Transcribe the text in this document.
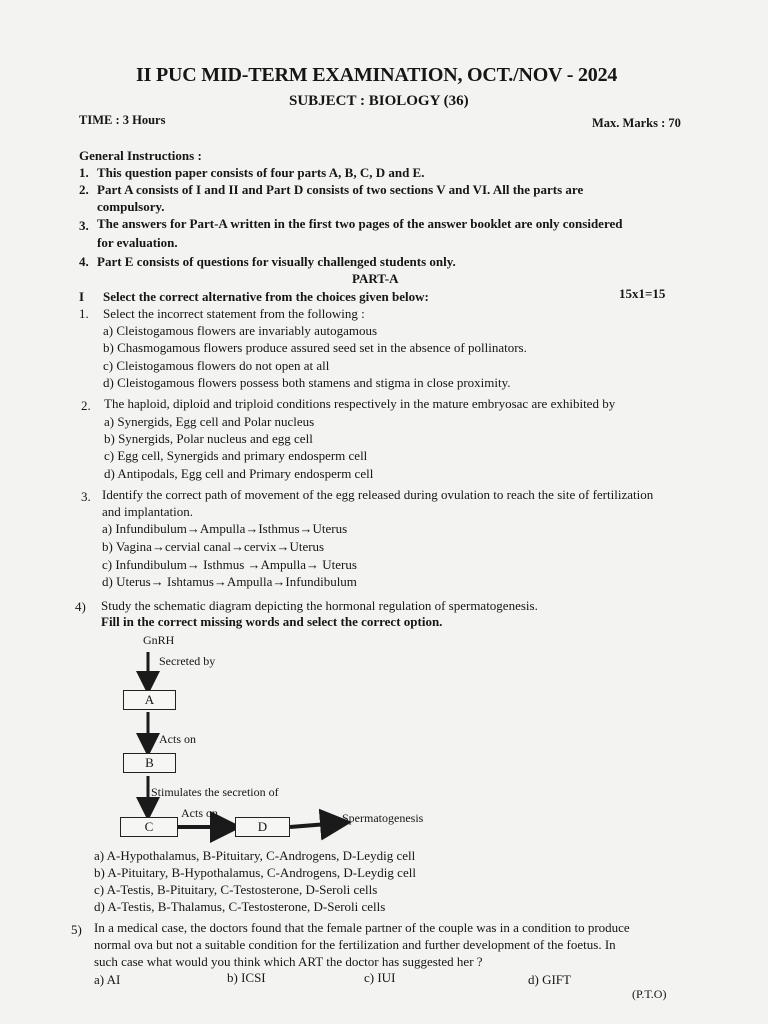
II PUC MID-TERM EXAMINATION, OCT./NOV - 2024
SUBJECT : BIOLOGY (36)
TIME : 3 Hours	Max. Marks : 70
General Instructions :
1. This question paper consists of four parts A, B, C, D and E.
2. Part A consists of I and II and Part D consists of two sections V and VI. All the parts are
compulsory.
3. The answers for Part-A written in the first two pages of the answer booklet are only considered
for evaluation.
4. Part E consists of questions for visually challenged students only.
PART-A
I Select the correct alternative from the choices given below:	15x1=15
1. Select the incorrect statement from the following :
a) Cleistogamous flowers are invariably autogamous
b) Chasmogamous flowers produce assured seed set in the absence of pollinators.
c) Cleistogamous flowers do not open at all
d) Cleistogamous flowers possess both stamens and stigma in close proximity.
2. The haploid, diploid and triploid conditions respectively in the mature embryosac are exhibited by
a) Synergids, Egg cell and Polar nucleus
b) Synergids, Polar nucleus and egg cell
c) Egg cell, Synergids and primary endosperm cell
d) Antipodals, Egg cell and Primary endosperm cell
3. Identify the correct path of movement of the egg released during ovulation to reach the site of fertilization
and implantation.
a) Infundibulum→Ampulla→Isthmus→Uterus
b) Vagina→cervial canal→cervix→Uterus
c) Infundibulum→ Isthmus →Ampulla→ Uterus
d) Uterus→ Ishtamus→Ampulla→Infundibulum
4) Study the schematic diagram depicting the hormonal regulation of spermatogenesis.
Fill in the correct missing words and select the correct option.
GnRH
Secreted by
A
Acts on
B
Stimulates the secretion of
Acts on
C	D
Spermatogenesis
a) A-Hypothalamus, B-Pituitary, C-Androgens, D-Leydig cell
b) A-Pituitary, B-Hypothalamus, C-Androgens, D-Leydig cell
c) A-Testis, B-Pituitary, C-Testosterone, D-Seroli cells
d) A-Testis, B-Thalamus, C-Testosterone, D-Seroli cells
5) In a medical case, the doctors found that the female partner of the couple was in a condition to produce
normal ova but not a suitable condition for the fertilization and further development of the foetus. In
such case what would you think which ART the doctor has suggested her ?
a) AI	b) ICSI	c) IUI	d) GIFT
(P.T.O)
